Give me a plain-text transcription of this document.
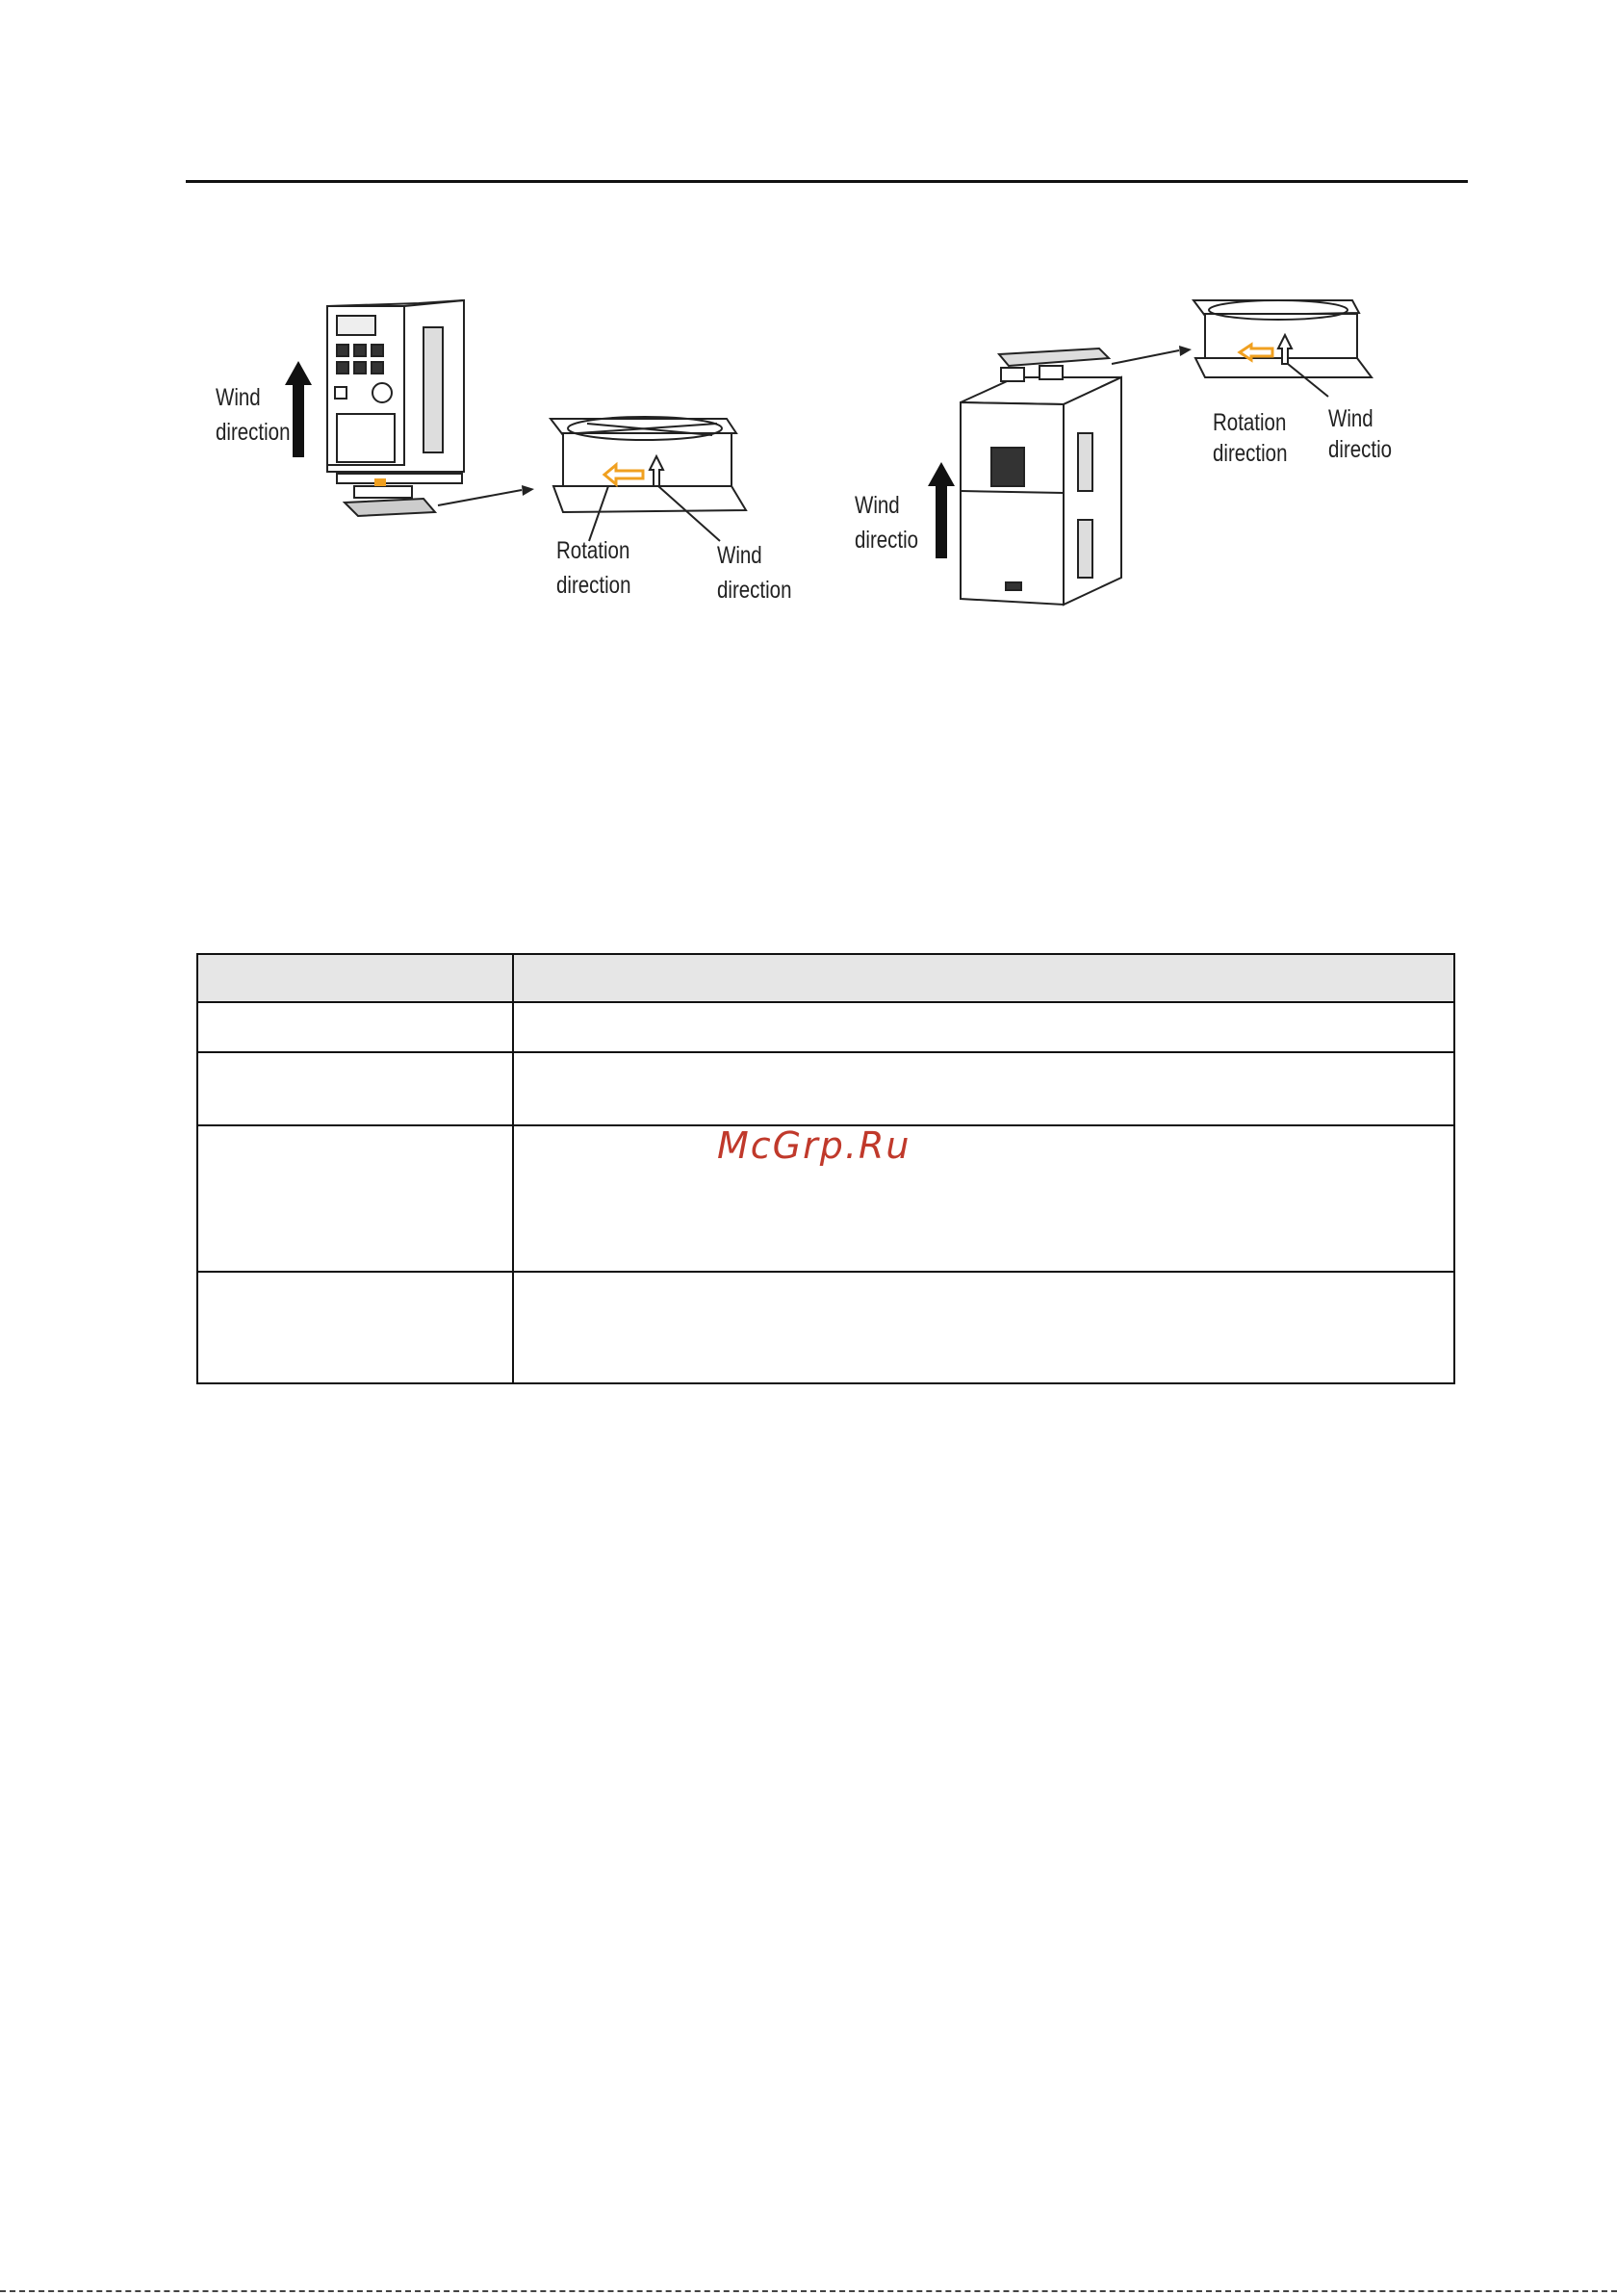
Wind
direction
Rotation
direction
Wind
direction
Wind
directio
Rotation
direction
Wind
directio

McGrp.Ru
